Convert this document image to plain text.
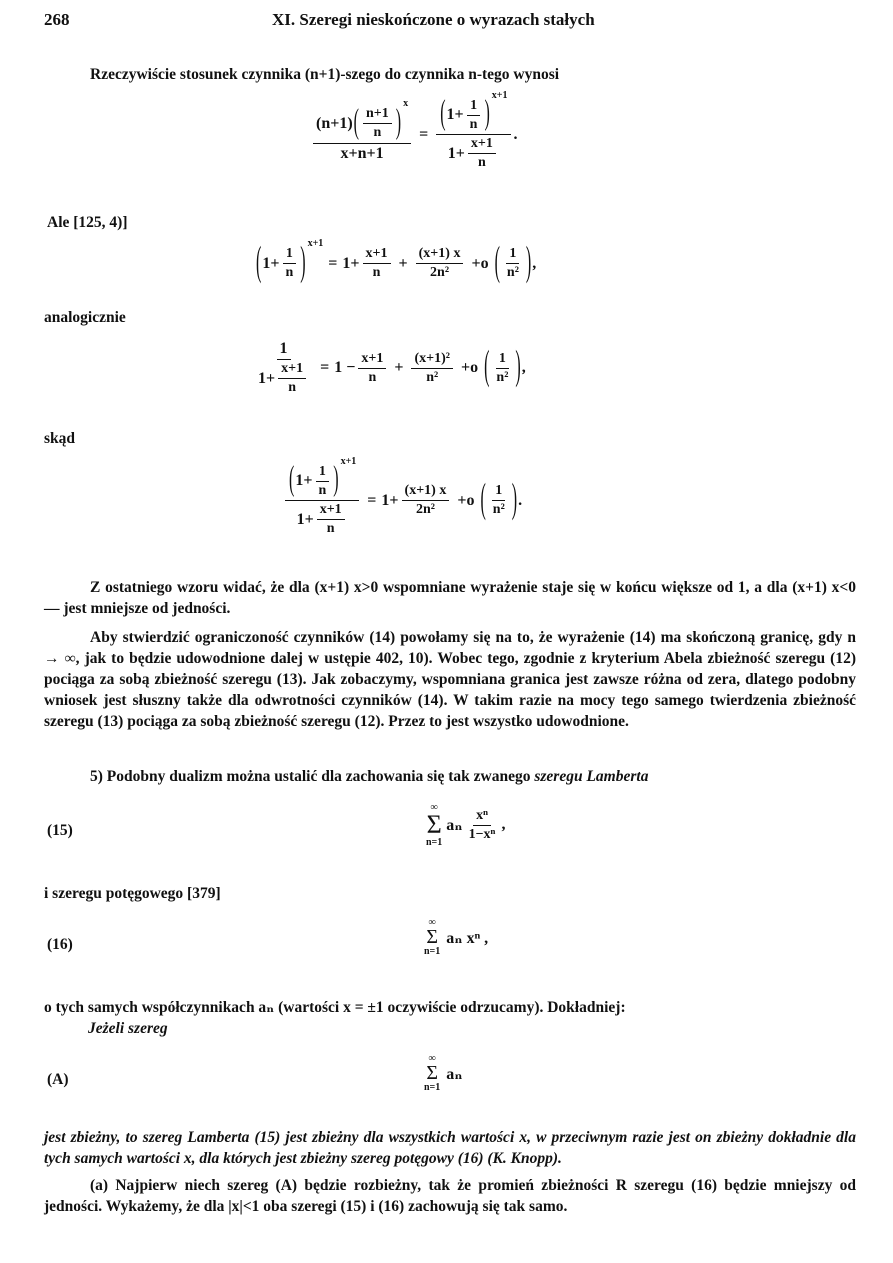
268	XI. Szeregi nieskończone o wyrazach stałych
Rzeczywiście stosunek czynnika (n+1)-szego do czynnika n-tego wynosi
(n+1) ( $\frac{n+1}{n}$ )
x
x+n+1 = ( $1+ \frac{1}{n}$ )
x+1
$1+ \frac{x+1}{n}$ .
Ale [125, 4)]
( $1+ \frac{1}{n}$ ) x+1
= $1+ \frac{x+1}{n} + \frac{(x+1) x}{\text{2n²}} +o$ ( $\frac{1}{\text{n²}}$ ) ,
analogicznie
$\frac{1}{1+ \frac{x+1}{n}} = 1 - \frac{x+1}{n} + \frac{\text{(x+1)²}}{\text{n²}} +o$ ( $\frac{1}{\text{n²}}$ ) ,
skąd
( $1+ \frac{1}{n}$ )
x+1
$1+ \frac{x+1}{n} = 1+ \frac{(x+1) x}{\text{2n²}} +o$ ( $\frac{1}{\text{n²}}$ ) .
Z ostatniego wzoru widać, że dla (x+1) x>0 wspomniane wyrażenie staje się w końcu większe od 1, a dla (x+1) x<0 — jest mniejsze od jedności.
Aby stwierdzić ograniczoność czynników (14) powołamy się na to, że wyrażenie (14) ma skończoną granicę, gdy n → ∞, jak to będzie udowodnione dalej w ustępie 402, 10). Wobec tego, zgodnie z kryterium Abela zbieżność szeregu (12) pociąga za sobą zbieżność szeregu (13). Jak zobaczymy, wspomniana granica jest zawsze różna od zera, dlatego podobny wniosek jest słuszny także dla odwrotności czynników (14). W takim razie na mocy tego samego twierdzenia zbieżność szeregu (13) pociąga za sobą zbieżność szeregu (12). Przez to jest wszystko udowodnione.
5) Podobny dualizm można ustalić dla zachowania się tak zwanego szeregu Lamberta
(15)
∞
Σ
n=1
aₙ $\frac{\text{xⁿ}}{\text{1−xⁿ}}$ ,
i szeregu potęgowego [379]
(16)
∞
Σ
n=1
aₙ xⁿ ,
o tych samych współczynnikach aₙ (wartości x = ±1 oczywiście odrzucamy). Dokładniej:
Jeżeli szereg
(A)
∞
Σ
n=1
aₙ
jest zbieżny, to szereg Lamberta (15) jest zbieżny dla wszystkich wartości x, w przeciwnym razie jest on zbieżny dokładnie dla tych samych wartości x, dla których jest zbieżny szereg potęgowy (16) (K. Knopp).
(a) Najpierw niech szereg (A) będzie rozbieżny, tak że promień zbieżności R szeregu (16) będzie mniejszy od jedności. Wykażemy, że dla |x|<1 oba szeregi (15) i (16) zachowują się tak samo.
